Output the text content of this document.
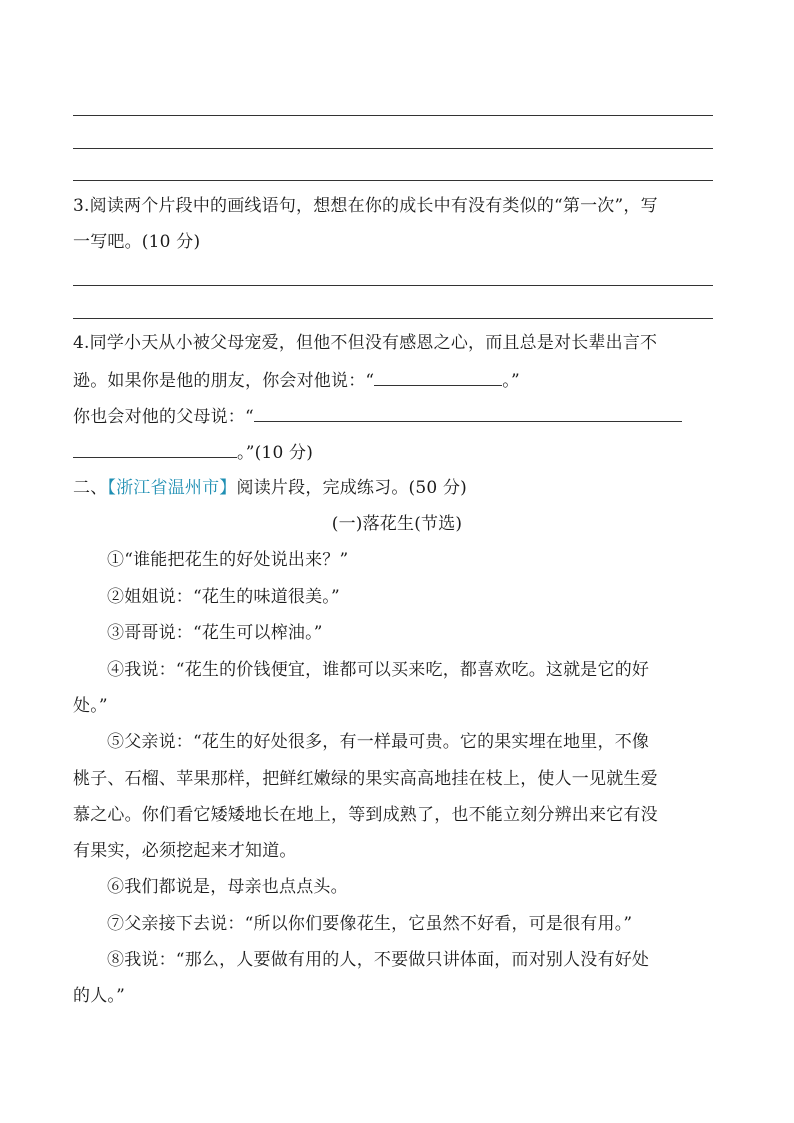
3.阅读两个片段中的画线语句，想想在你的成长中有没有类似的“第一次”，写
一写吧。(10 分)
4.同学小天从小被父母宠爱，但他不但没有感恩之心，而且总是对长辈出言不
逊。如果你是他的朋友，你会对他说：“	。”
你也会对他的父母说：“
。”(10 分)
二、【浙江省温州市】阅读片段，完成练习。(50 分)
(一)落花生(节选)
①“谁能把花生的好处说出来？”
②姐姐说：“花生的味道很美。”
③哥哥说：“花生可以榨油。”
④我说：“花生的价钱便宜，谁都可以买来吃，都喜欢吃。这就是它的好
处。”
⑤父亲说：“花生的好处很多，有一样最可贵。它的果实埋在地里，不像
桃子、石榴、苹果那样，把鲜红嫩绿的果实高高地挂在枝上，使人一见就生爱
慕之心。你们看它矮矮地长在地上，等到成熟了，也不能立刻分辨出来它有没
有果实，必须挖起来才知道。
⑥我们都说是，母亲也点点头。
⑦父亲接下去说：“所以你们要像花生，它虽然不好看，可是很有用。”
⑧我说：“那么，人要做有用的人，不要做只讲体面，而对别人没有好处
的人。”
